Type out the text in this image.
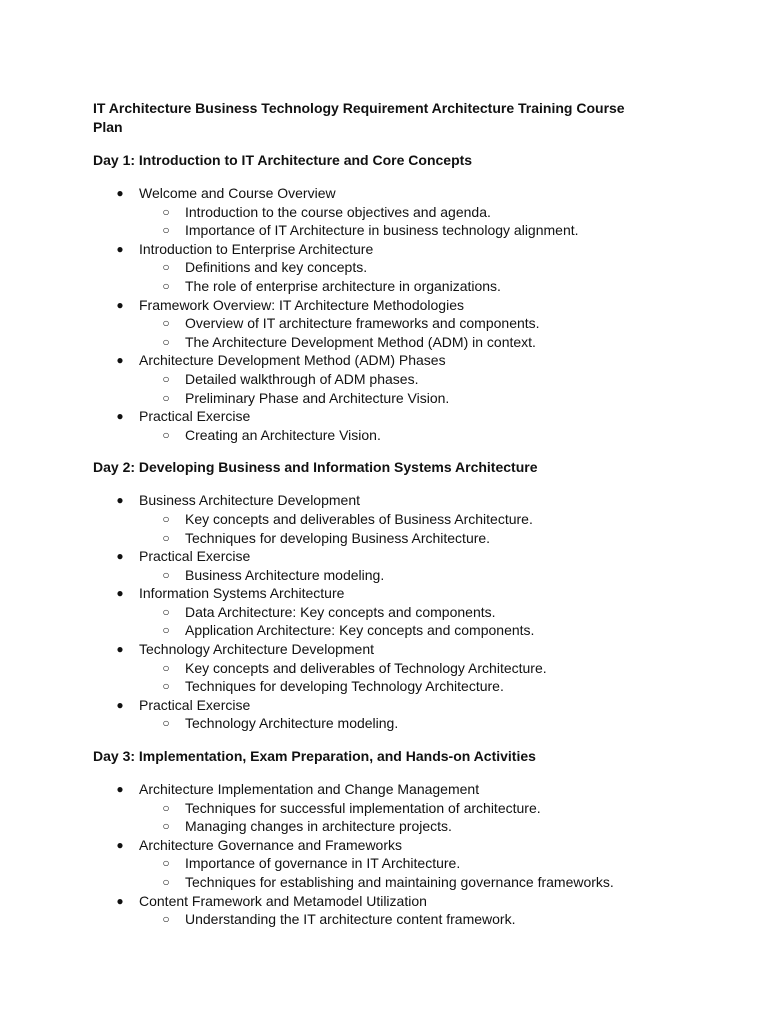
IT Architecture Business Technology Requirement Architecture Training Course Plan
Day 1: Introduction to IT Architecture and Core Concepts
● Welcome and Course Overview
○ Introduction to the course objectives and agenda.
○ Importance of IT Architecture in business technology alignment.
● Introduction to Enterprise Architecture
○ Definitions and key concepts.
○ The role of enterprise architecture in organizations.
● Framework Overview: IT Architecture Methodologies
○ Overview of IT architecture frameworks and components.
○ The Architecture Development Method (ADM) in context.
● Architecture Development Method (ADM) Phases
○ Detailed walkthrough of ADM phases.
○ Preliminary Phase and Architecture Vision.
● Practical Exercise
○ Creating an Architecture Vision.
Day 2: Developing Business and Information Systems Architecture
● Business Architecture Development
○ Key concepts and deliverables of Business Architecture.
○ Techniques for developing Business Architecture.
● Practical Exercise
○ Business Architecture modeling.
● Information Systems Architecture
○ Data Architecture: Key concepts and components.
○ Application Architecture: Key concepts and components.
● Technology Architecture Development
○ Key concepts and deliverables of Technology Architecture.
○ Techniques for developing Technology Architecture.
● Practical Exercise
○ Technology Architecture modeling.
Day 3: Implementation, Exam Preparation, and Hands-on Activities
● Architecture Implementation and Change Management
○ Techniques for successful implementation of architecture.
○ Managing changes in architecture projects.
● Architecture Governance and Frameworks
○ Importance of governance in IT Architecture.
○ Techniques for establishing and maintaining governance frameworks.
● Content Framework and Metamodel Utilization
○ Understanding the IT architecture content framework.
